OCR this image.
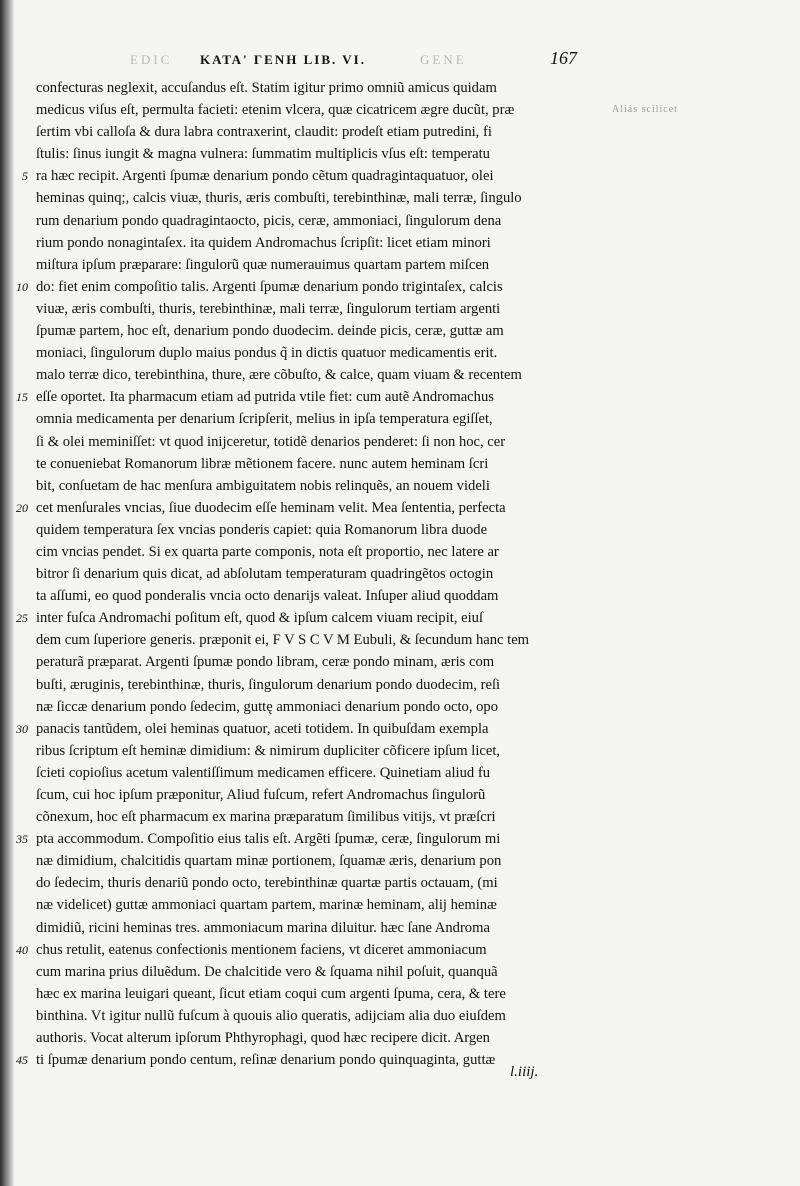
EDIC ΚΑΤΑ' ΓΕΝΗ LIB. VI.	GENE	167
Aliás scilicet
confecturas neglexit, accuſandus eſt. Statim igitur primo omniũ amicus quidam
medicus viſus eſt, permulta facieti: etenim vlcera, quæ cicatricem ægre ducũt, præ
ſertim vbi calloſa & dura labra contraxerint, claudit: prodeſt etiam putredini, fi
ſtulis: ſinus iungit & magna vulnera: ſummatim multiplicis vſus eſt: temperatu
5 ra hæc recipit. Argenti ſpumæ denarium pondo cẽtum quadragintaquatuor, olei
heminas quinq;, calcis viuæ, thuris, æris combuſti, terebinthinæ, mali terræ, ſingulo
rum denarium pondo quadragintaocto, picis, ceræ, ammoniaci, ſingulorum dena
rium pondo nonagintaſex. ita quidem Andromachus ſcripſit: licet etiam minori
miſtura ipſum præparare: ſingulorũ quæ numerauimus quartam partem miſcen
10 do: fiet enim compoſitio talis. Argenti ſpumæ denarium pondo trigintaſex, calcis
viuæ, æris combuſti, thuris, terebinthinæ, mali terræ, ſingulorum tertiam argenti
ſpumæ partem, hoc eſt, denarium pondo duodecim. deinde picis, ceræ, guttæ am
moniaci, ſingulorum duplo maius pondus q̃ in dictis quatuor medicamentis erit.
malo terræ dico, terebinthina, thure, ære cõbuſto, & calce, quam viuam & recentem
15 eſſe oportet. Ita pharmacum etiam ad putrida vtile fiet: cum autẽ Andromachus
omnia medicamenta per denarium ſcripſerit, melius in ipſa temperatura egiſſet,
ſi & olei meminiſſet: vt quod inijceretur, totidẽ denarios penderet: ſi non hoc, cer
te conueniebat Romanorum libræ mẽtionem facere. nunc autem heminam ſcri
bit, conſuetam de hac menſura ambiguitatem nobis relinquẽs, an nouem videli
20 cet menſurales vncias, ſiue duodecim eſſe heminam velit. Mea ſententia, perfecta
quidem temperatura ſex vncias ponderis capiet: quia Romanorum libra duode
cim vncias pendet. Si ex quarta parte componis, nota eſt proportio, nec latere ar
bitror ſi denarium quis dicat, ad abſolutam temperaturam quadringẽtos octogin
ta aſſumi, eo quod ponderalis vncia octo denarijs valeat. Inſuper aliud quoddam
25 inter fuſca Andromachi poſitum eſt, quod & ipſum calcem viuam recipit, eiuſ
dem cum ſuperiore generis. præponit ei, F V S C V M Eubuli, & ſecundum hanc tem
peraturã præparat. Argenti ſpumæ pondo libram, ceræ pondo minam, æris com
buſti, æruginis, terebinthinæ, thuris, ſingulorum denarium pondo duodecim, reſi
næ ſiccæ denarium pondo ſedecim, guttę ammoniaci denarium pondo octo, opo
30 panacis tantũdem, olei heminas quatuor, aceti totidem. In quibuſdam exempla
ribus ſcriptum eſt heminæ dimidium: & nimirum dupliciter cõficere ipſum licet,
ſcieti copioſius acetum valentiſſimum medicamen efficere. Quinetiam aliud fu
ſcum, cui hoc ipſum præponitur, Aliud fuſcum, refert Andromachus ſingulorũ
cõnexum, hoc eſt pharmacum ex marina præparatum ſimilibus vitijs, vt præſcri
35 pta accommodum. Compoſitio eius talis eſt. Argẽti ſpumæ, ceræ, ſingulorum mi
næ dimidium, chalcitidis quartam minæ portionem, ſquamæ æris, denarium pon
do ſedecim, thuris denariũ pondo octo, terebinthinæ quartæ partis octauam, (mi
næ videlicet) guttæ ammoniaci quartam partem, marinæ heminam, alij heminæ
dimidiũ, ricini heminas tres. ammoniacum marina diluitur. hæc ſane Androma
40 chus retulit, eatenus confectionis mentionem faciens, vt diceret ammoniacum
cum marina prius diluẽdum. De chalcitide vero & ſquama nihil poſuit, quanquã
hæc ex marina leuigari queant, ſicut etiam coqui cum argenti ſpuma, cera, & tere
binthina. Vt igitur nullũ fuſcum à quouis alio queratis, adijciam alia duo eiuſdem
authoris. Vocat alterum ipſorum Phthyrophagi, quod hæc recipere dicit. Argen
45 ti ſpumæ denarium pondo centum, reſinæ denarium pondo quinquaginta, guttæ
l.iiij.
